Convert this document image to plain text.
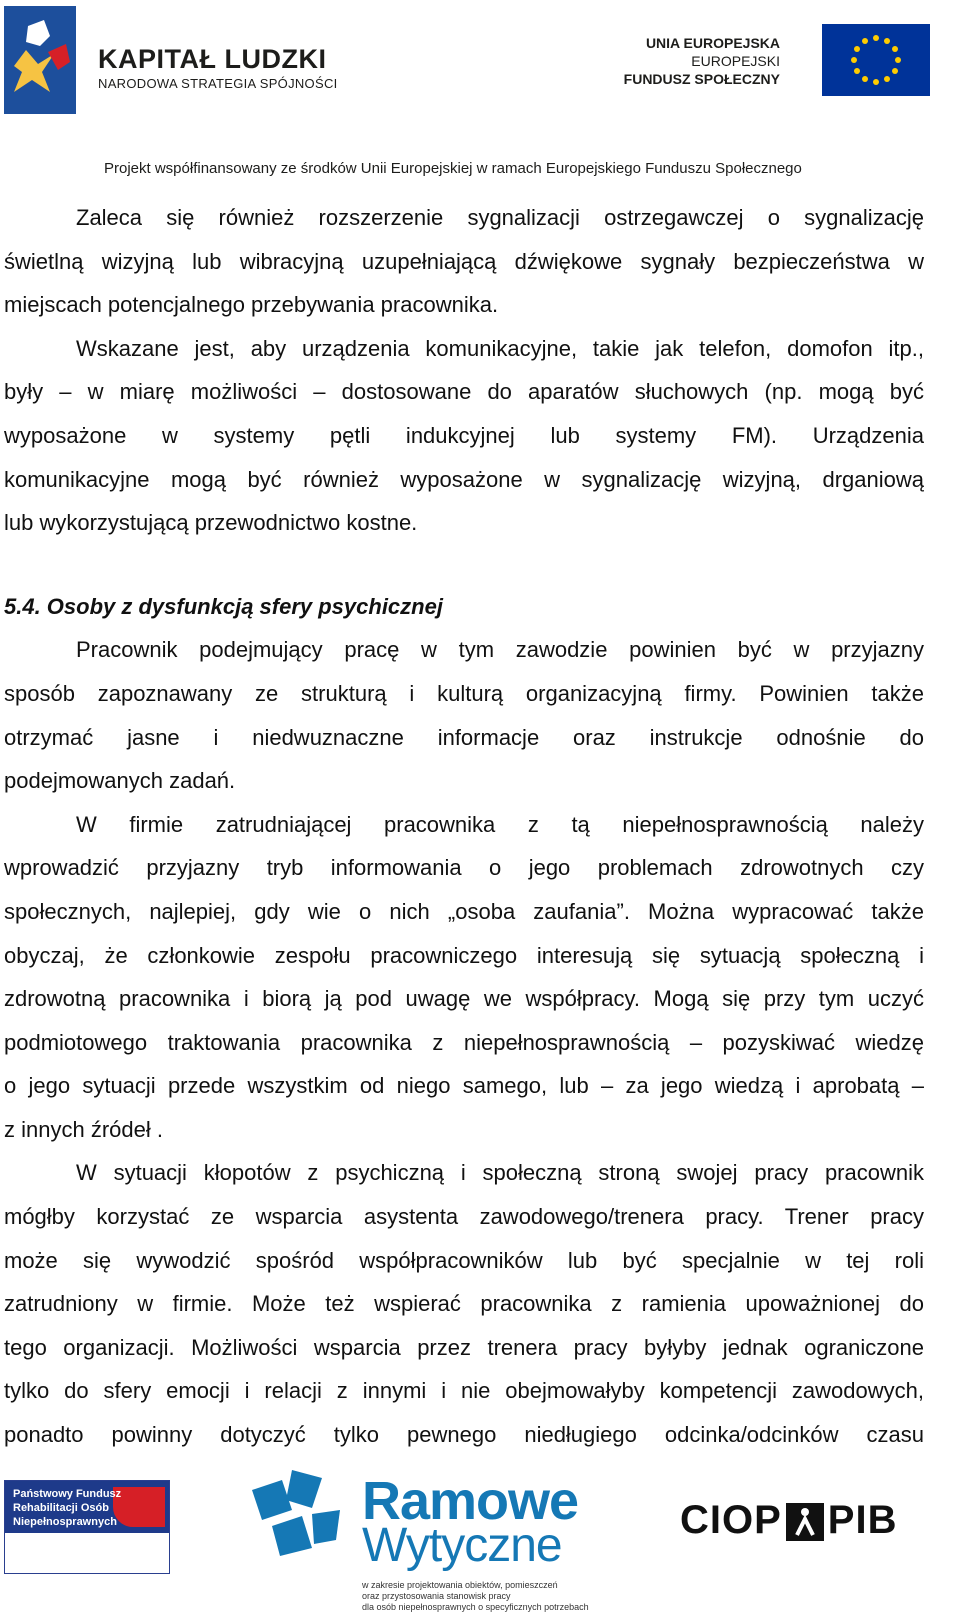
KAPITAŁ LUDZKI
NARODOWA STRATEGIA SPÓJNOŚCI
UNIA EUROPEJSKA
EUROPEJSKI
FUNDUSZ SPOŁECZNY
Projekt współfinansowany ze środków Unii Europejskiej w ramach Europejskiego Funduszu Społecznego
Zaleca się również rozszerzenie sygnalizacji ostrzegawczej o sygnalizację
świetlną wizyjną lub wibracyjną uzupełniającą dźwiękowe sygnały bezpieczeństwa w
miejscach potencjalnego przebywania pracownika.
Wskazane jest, aby urządzenia komunikacyjne, takie jak telefon, domofon itp.,
były – w miarę możliwości – dostosowane do aparatów słuchowych (np. mogą być
wyposażone w systemy pętli indukcyjnej lub systemy FM). Urządzenia
komunikacyjne mogą być również wyposażone w sygnalizację wizyjną, drganiową
lub wykorzystującą przewodnictwo kostne.
5.4. Osoby z dysfunkcją sfery psychicznej
Pracownik podejmujący pracę w tym zawodzie powinien być w przyjazny
sposób zapoznawany ze strukturą i kulturą organizacyjną firmy. Powinien także
otrzymać jasne i niedwuznaczne informacje oraz instrukcje odnośnie do
podejmowanych zadań.
W firmie zatrudniającej pracownika z tą niepełnosprawnością należy
wprowadzić przyjazny tryb informowania o jego problemach zdrowotnych czy
społecznych, najlepiej, gdy wie o nich „osoba zaufania”. Można wypracować także
obyczaj, że członkowie zespołu pracowniczego interesują się sytuacją społeczną i
zdrowotną pracownika i biorą ją pod uwagę we współpracy. Mogą się przy tym uczyć
podmiotowego traktowania pracownika z niepełnosprawnością – pozyskiwać wiedzę
o jego sytuacji przede wszystkim od niego samego, lub – za jego wiedzą i aprobatą –
z innych źródeł .
W sytuacji kłopotów z psychiczną i społeczną stroną swojej pracy pracownik
mógłby korzystać ze wsparcia asystenta zawodowego/trenera pracy. Trener pracy
może się wywodzić spośród współpracowników lub być specjalnie w tej roli
zatrudniony w firmie. Może też wspierać pracownika z ramienia upoważnionej do
tego organizacji. Możliwości wsparcia przez trenera pracy byłyby jednak ograniczone
tylko do sfery emocji i relacji z innymi i nie obejmowałyby kompetencji zawodowych,
ponadto powinny dotyczyć tylko pewnego niedługiego odcinka/odcinków czasu
Państwowy Fundusz
Rehabilitacji Osób
Niepełnosprawnych	Ramowe
Wytyczne
w zakresie projektowania obiektów, pomieszczeń
oraz przystosowania stanowisk pracy
dla osób niepełnosprawnych o specyficznych potrzebach
CIOP PIB
